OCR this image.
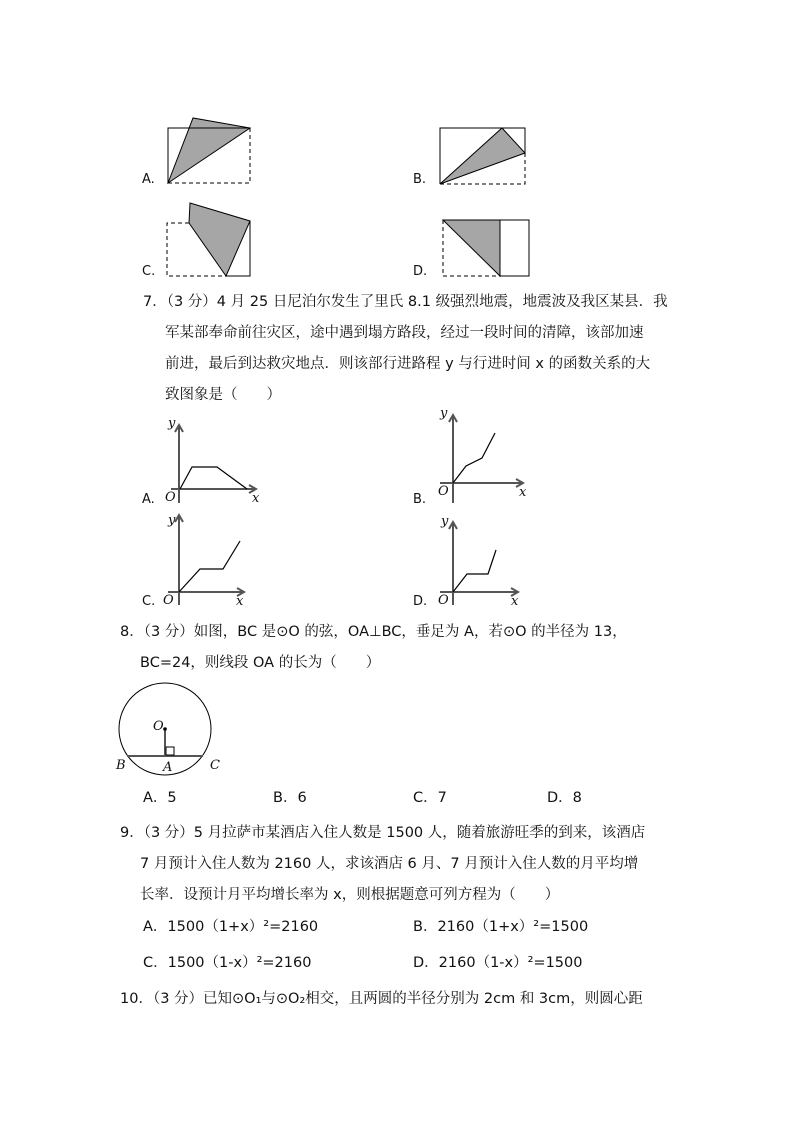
A.	B.
C.	D.
7．（3 分）4 月 25 日尼泊尔发生了里氏 8.1 级强烈地震，地震波及我区某县．我
军某部奉命前往灾区，途中遇到塌方路段，经过一段时间的清障，该部加速
前进，最后到达救灾地点．则该部行进路程 y 与行进时间 x 的函数关系的大
致图象是（　　）
y
O	x
A.
y
O	x
B.
y
O	x
C.
y
O	x
D.
8．（3 分）如图，BC 是⊙O 的弦，OA⊥BC，垂足为 A，若⊙O 的半径为 13，
BC=24，则线段 OA 的长为（　　）
O
B	A	C
A．5	B．6	C．7	D．8
9．（3 分）5 月拉萨市某酒店入住人数是 1500 人，随着旅游旺季的到来，该酒店
7 月预计入住人数为 2160 人，求该酒店 6 月、7 月预计入住人数的月平均增
长率．设预计月平均增长率为 x，则根据题意可列方程为（　　）
A．1500（1+x）²=2160	B．2160（1+x）²=1500
C．1500（1-x）²=2160	D．2160（1-x）²=1500
10．（3 分）已知⊙O₁与⊙O₂相交，且两圆的半径分别为 2cm 和 3cm，则圆心距
